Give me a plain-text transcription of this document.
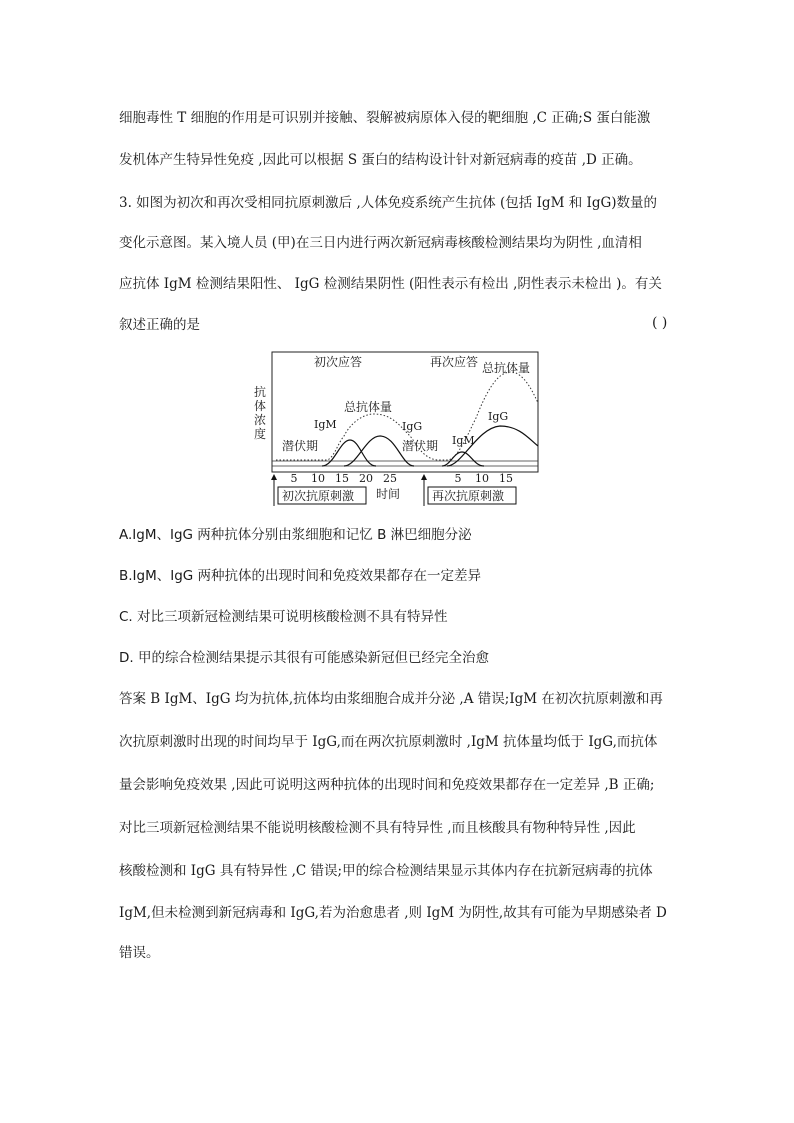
细胞毒性 T 细胞的作用是可识别并接触、裂解被病原体入侵的靶细胞 ,C 正确;S 蛋白能激
发机体产生特异性免疫 ,因此可以根据 S 蛋白的结构设计针对新冠病毒的疫苗 ,D 正确。
3. 如图为初次和再次受相同抗原刺激后 ,人体免疫系统产生抗体 (包括 IgM 和 IgG)数量的
变化示意图。某入境人员 (甲)在三日内进行两次新冠病毒核酸检测结果均为阴性 ,血清相
应抗体 IgM 检测结果阳性、 IgG 检测结果阴性 (阳性表示有检出 ,阴性表示未检出 )。有关
叙述正确的是	( )
抗体浓度
初次应答	再次应答 总抗体量
总抗体量
IgM	IgG
IgG
IgM
潜伏期	潜伏期
5 10 15 20 25	5 10 15
时间
初次抗原刺激	再次抗原刺激
A.IgM、IgG 两种抗体分别由浆细胞和记忆 B 淋巴细胞分泌
B.IgM、IgG 两种抗体的出现时间和免疫效果都存在一定差异
C. 对比三项新冠检测结果可说明核酸检测不具有特异性
D. 甲的综合检测结果提示其很有可能感染新冠但已经完全治愈
答案 B IgM、IgG 均为抗体,抗体均由浆细胞合成并分泌 ,A 错误;IgM 在初次抗原刺激和再
次抗原刺激时出现的时间均早于 IgG,而在两次抗原刺激时 ,IgM 抗体量均低于 IgG,而抗体
量会影响免疫效果 ,因此可说明这两种抗体的出现时间和免疫效果都存在一定差异 ,B 正确;
对比三项新冠检测结果不能说明核酸检测不具有特异性 ,而且核酸具有物种特异性 ,因此
核酸检测和 IgG 具有特异性 ,C 错误;甲的综合检测结果显示其体内存在抗新冠病毒的抗体
IgM,但未检测到新冠病毒和 IgG,若为治愈患者 ,则 IgM 为阴性,故其有可能为早期感染者 D
错误。
